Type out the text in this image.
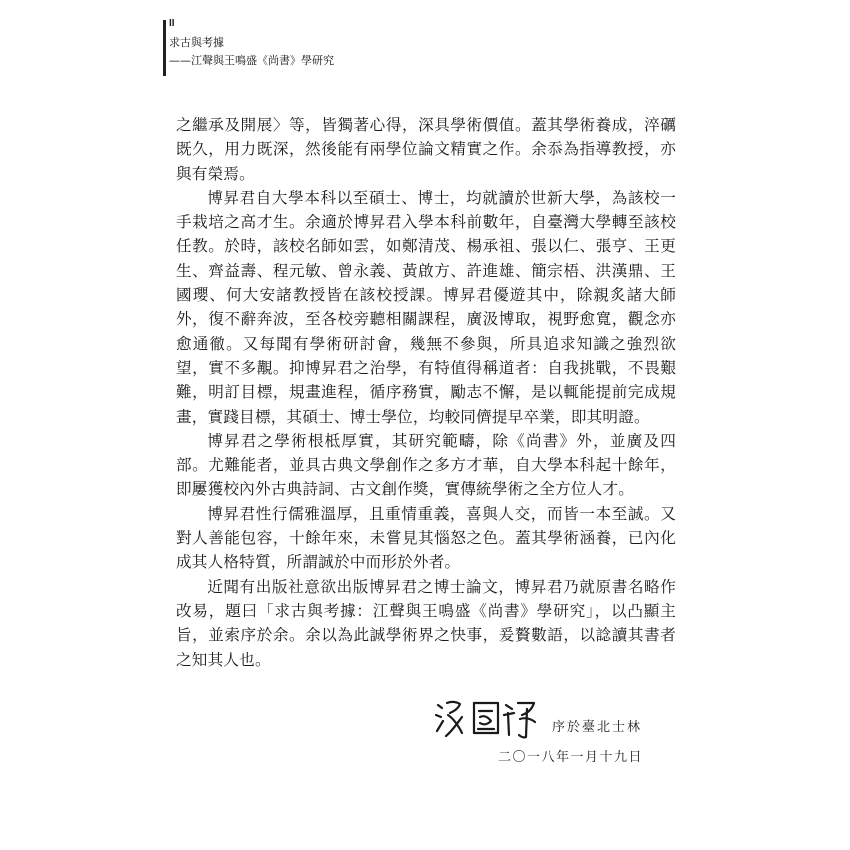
II
求古與考據
——江聲與王鳴盛《尚書》學研究

之繼承及開展〉等，皆獨著心得，深具學術價值。蓋其學術養成，淬礪既久，用力既深，然後能有兩學位論文精實之作。余忝為指導教授，亦與有榮焉。

博昇君自大學本科以至碩士、博士，均就讀於世新大學，為該校一手栽培之高才生。余適於博昇君入學本科前數年，自臺灣大學轉至該校任教。於時，該校名師如雲，如鄭清茂、楊承祖、張以仁、張亨、王更生、齊益壽、程元敏、曾永義、黃啟方、許進雄、簡宗梧、洪漢鼎、王國瓔、何大安諸教授皆在該校授課。博昇君優遊其中，除親炙諸大師外，復不辭奔波，至各校旁聽相關課程，廣汲博取，視野愈寬，觀念亦愈通徹。又每聞有學術研討會，幾無不參與，所具追求知識之強烈欲望，實不多覯。抑博昇君之治學，有特值得稱道者：自我挑戰，不畏艱難，明訂目標，規畫進程，循序務實，勵志不懈，是以輒能提前完成規畫，實踐目標，其碩士、博士學位，均較同儕提早卒業，即其明證。

博昇君之學術根柢厚實，其研究範疇，除《尚書》外，並廣及四部。尤難能者，並具古典文學創作之多方才華，自大學本科起十餘年，即屢獲校內外古典詩詞、古文創作獎，實傳統學術之全方位人才。

博昇君性行儒雅溫厚，且重情重義，喜與人交，而皆一本至誠。又對人善能包容，十餘年來，未嘗見其惱怒之色。蓋其學術涵養，已內化成其人格特質，所謂誠於中而形於外者。

近聞有出版社意欲出版博昇君之博士論文，博昇君乃就原書名略作改易，題曰「求古與考據：江聲與王鳴盛《尚書》學研究」，以凸顯主旨，並索序於余。余以為此誠學術界之快事，爰贅數語，以諗讀其書者之知其人也。

序於臺北士林
二〇一八年一月十九日
